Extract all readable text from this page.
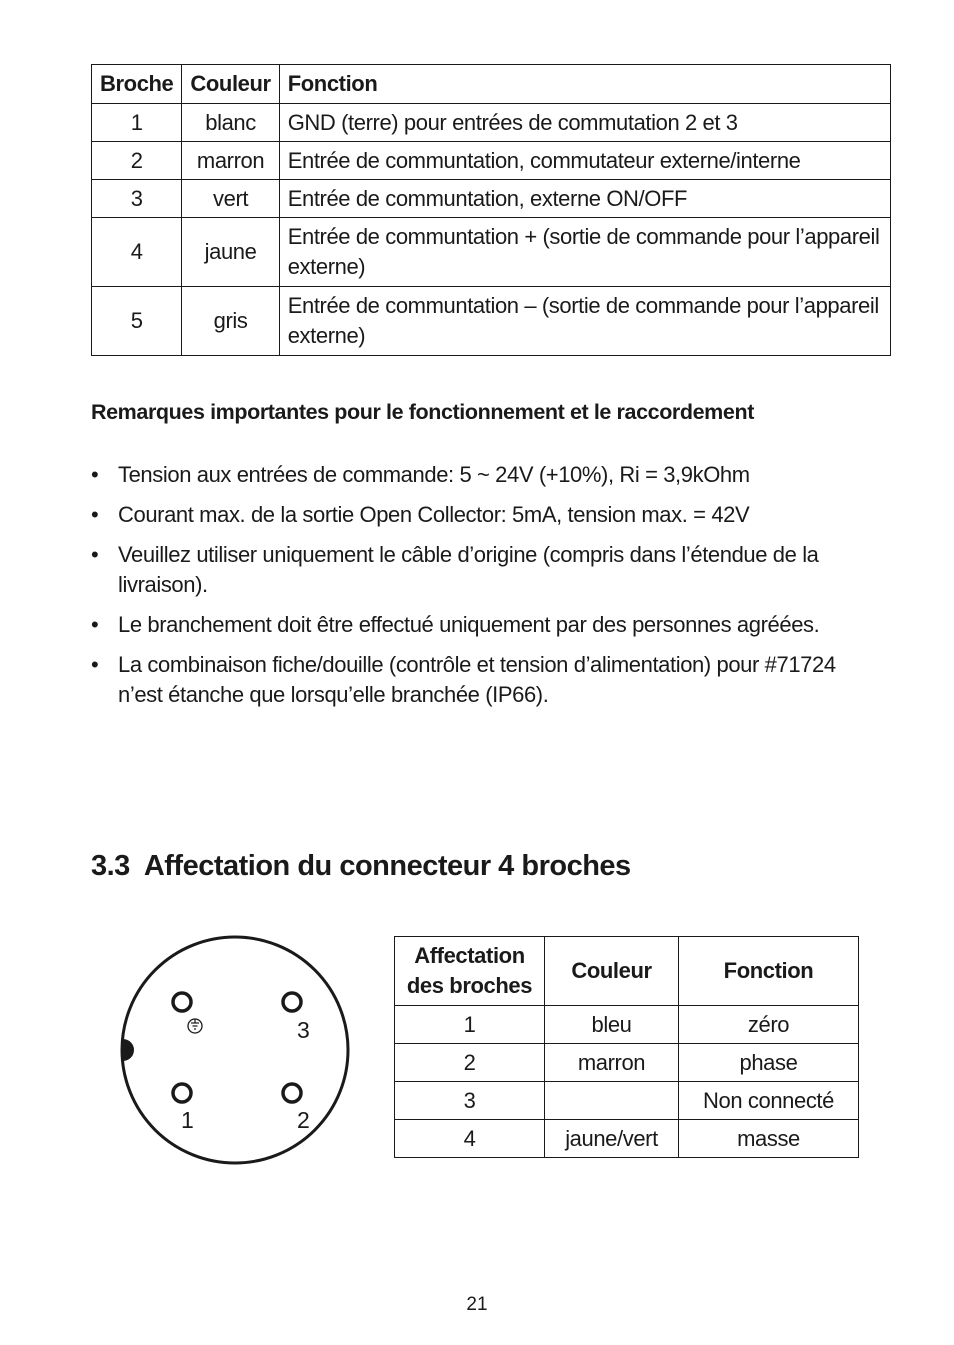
Broche	Couleur	Fonction
1	blanc	GND (terre) pour entrées de commutation 2 et 3
2	marron	Entrée de communtation, commutateur externe/interne
3	vert	Entrée de communtation, externe ON/OFF
4	jaune	Entrée de communtation + (sortie de commande pour l’appareil externe)
5	gris	Entrée de communtation – (sortie de commande pour l’appareil externe)
Remarques importantes pour le fonctionnement et le raccordement
• Tension aux entrées de commande: 5 ~ 24V (+10%), Ri = 3,9kOhm
• Courant max. de la sortie Open Collector: 5mA, tension max. = 42V
• Veuillez utiliser uniquement le câble d’origine (compris dans l’étendue de la livraison).
• Le branchement doit être effectué uniquement par des personnes agréées.
• La combinaison fiche/douille (contrôle et tension d’alimentation) pour #71724 n’est étanche que lorsqu’elle branchée (IP66).
3.3 Affectation du connecteur 4 broches
3
1	2
Affectation
des broches	Couleur	Fonction
1	bleu	zéro
2	marron	phase
3		Non connecté
4	jaune/vert	masse
21
